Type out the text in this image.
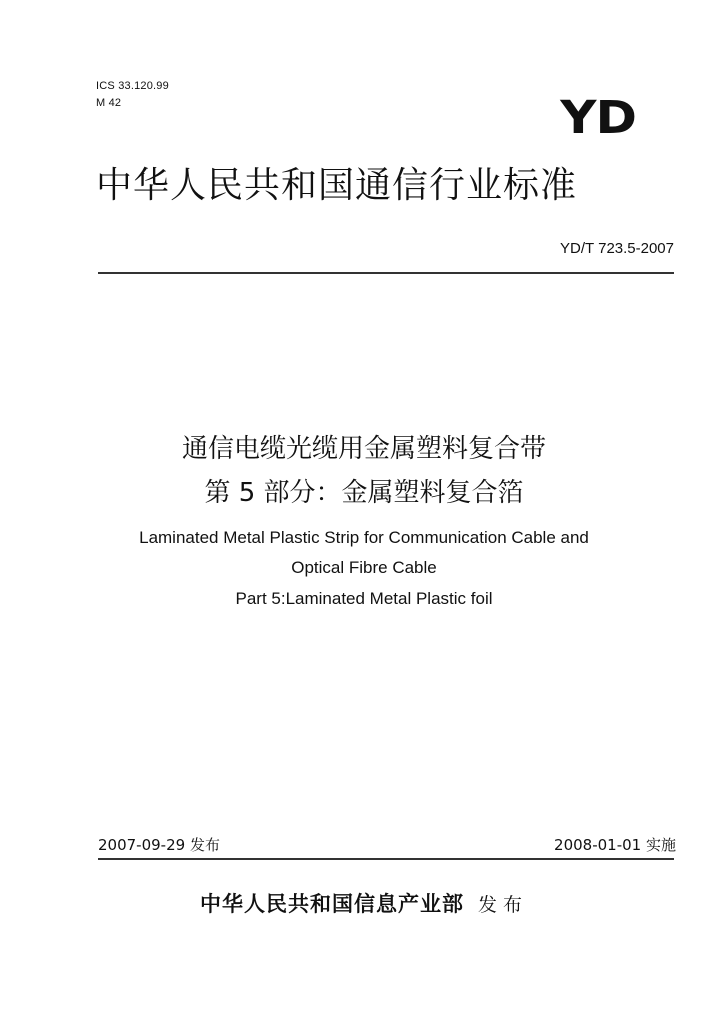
ICS 33.120.99
M 42	YD
中华人民共和国通信行业标准
YD/T 723.5-2007
通信电缆光缆用金属塑料复合带
第 5 部分：金属塑料复合箔
Laminated Metal Plastic Strip for Communication Cable and
Optical Fibre Cable
Part 5:Laminated Metal Plastic foil
2007-09-29 发布	2008-01-01 实施
中华人民共和国信息产业部 发布
